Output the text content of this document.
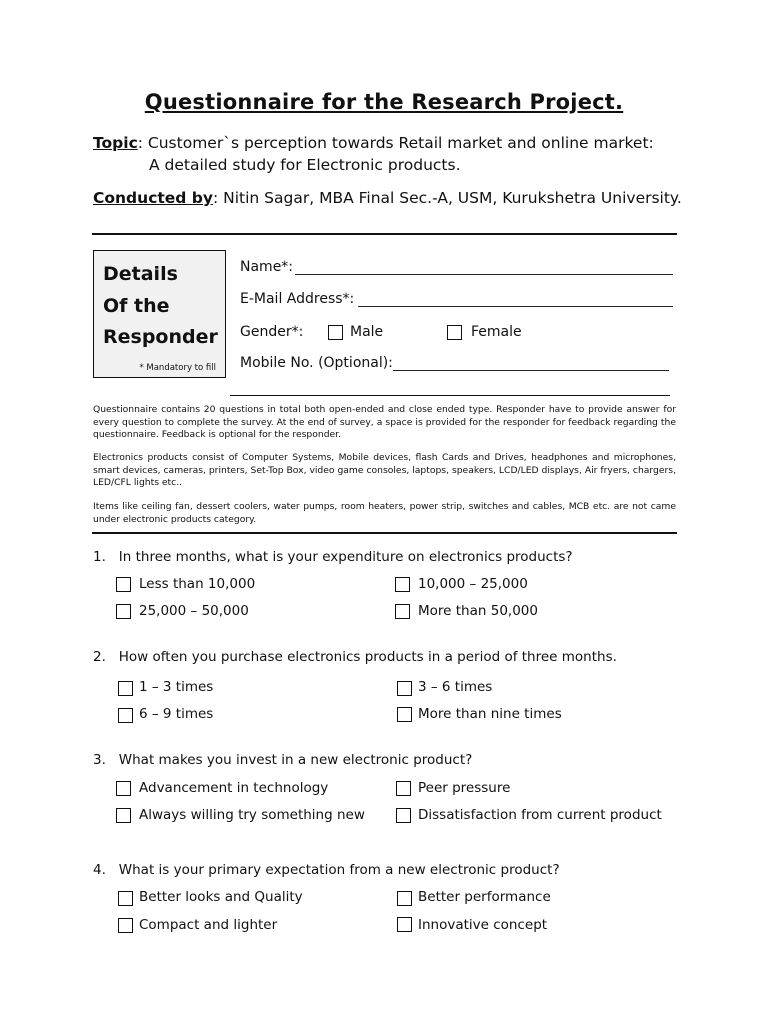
Questionnaire for the Research Project.
Topic: Customer`s perception towards Retail market and online market:
A detailed study for Electronic products.
Conducted by: Nitin Sagar, MBA Final Sec.-A, USM, Kurukshetra University.
Details
Of the
Responder
* Mandatory to fill
Name*:
E-Mail Address*:
Gender*:	Male	Female
Mobile No. (Optional):
Questionnaire contains 20 questions in total both open-ended and close ended type. Responder have to provide answer for every question to complete the survey. At the end of survey, a space is provided for the responder for feedback regarding the questionnaire. Feedback is optional for the responder.
Electronics products consist of Computer Systems, Mobile devices, flash Cards and Drives, headphones and microphones, smart devices, cameras, printers, Set-Top Box, video game consoles, laptops, speakers, LCD/LED displays, Air fryers, chargers, LED/CFL lights etc..
Items like ceiling fan, dessert coolers, water pumps, room heaters, power strip, switches and cables, MCB etc. are not came under electronic products category.
1. In three months, what is your expenditure on electronics products?
Less than 10,000	10,000 – 25,000
25,000 – 50,000	More than 50,000
2. How often you purchase electronics products in a period of three months.
1 – 3 times	3 – 6 times
6 – 9 times	More than nine times
3. What makes you invest in a new electronic product?
Advancement in technology	Peer pressure
Always willing try something new	Dissatisfaction from current product
4. What is your primary expectation from a new electronic product?
Better looks and Quality	Better performance
Compact and lighter	Innovative concept
